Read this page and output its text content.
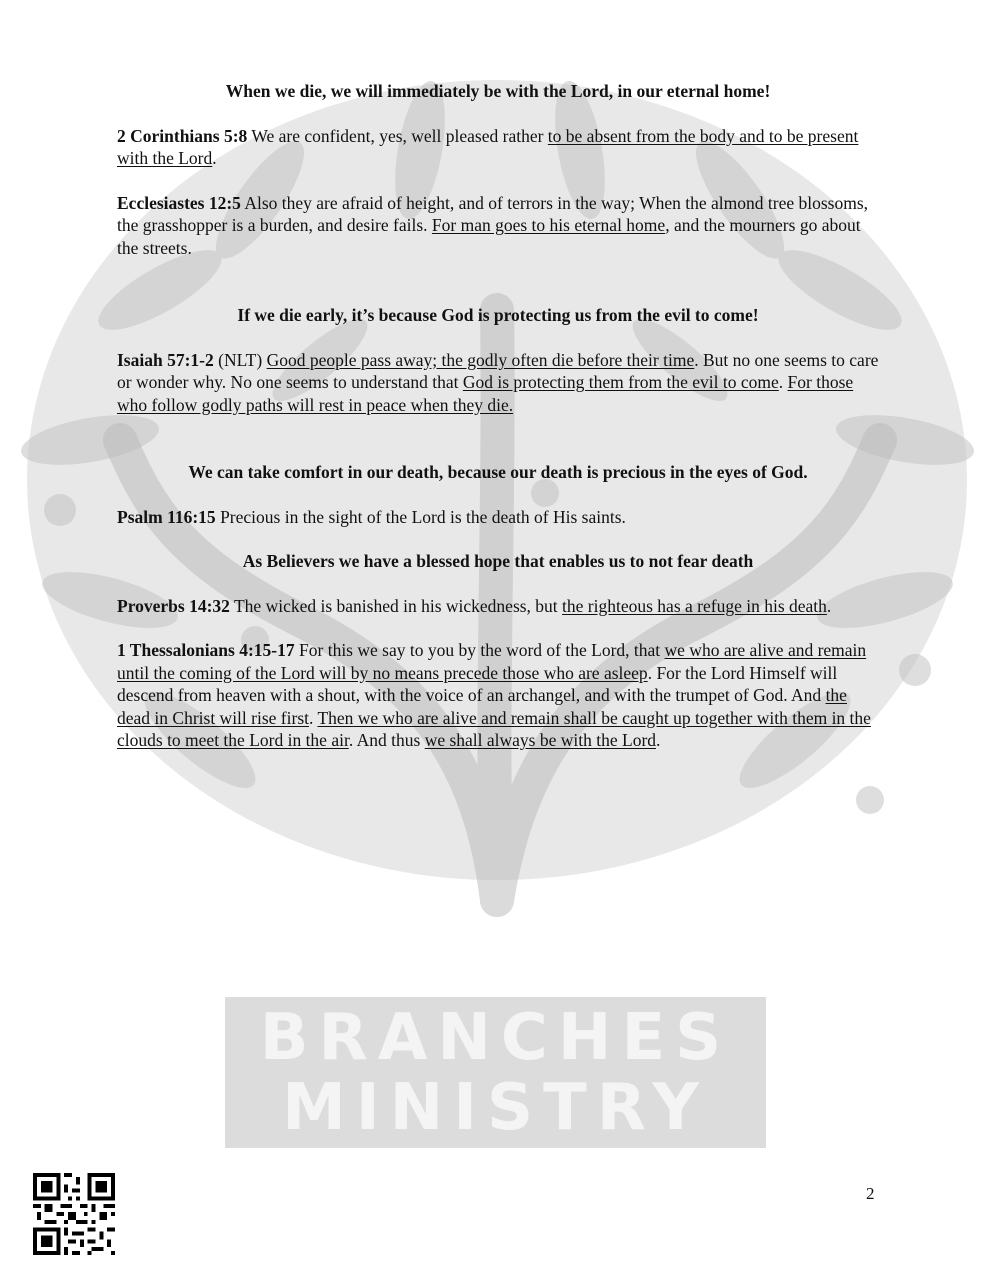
BRANCHES
MINISTRY

When we die, we will immediately be with the Lord, in our eternal home!

2 Corinthians 5:8 We are confident, yes, well pleased rather to be absent from the body and to be present with the Lord.

Ecclesiastes 12:5 Also they are afraid of height, and of terrors in the way; When the almond tree blossoms, the grasshopper is a burden, and desire fails. For man goes to his eternal home, and the mourners go about the streets.

If we die early, it’s because God is protecting us from the evil to come!

Isaiah 57:1-2 (NLT) Good people pass away; the godly often die before their time. But no one seems to care or wonder why. No one seems to understand that God is protecting them from the evil to come. For those who follow godly paths will rest in peace when they die.

We can take comfort in our death, because our death is precious in the eyes of God.

Psalm 116:15 Precious in the sight of the Lord is the death of His saints.

As Believers we have a blessed hope that enables us to not fear death

Proverbs 14:32 The wicked is banished in his wickedness, but the righteous has a refuge in his death.

1 Thessalonians 4:15-17 For this we say to you by the word of the Lord, that we who are alive and remain until the coming of the Lord will by no means precede those who are asleep. For the Lord Himself will descend from heaven with a shout, with the voice of an archangel, and with the trumpet of God. And the dead in Christ will rise first. Then we who are alive and remain shall be caught up together with them in the clouds to meet the Lord in the air. And thus we shall always be with the Lord.

2
